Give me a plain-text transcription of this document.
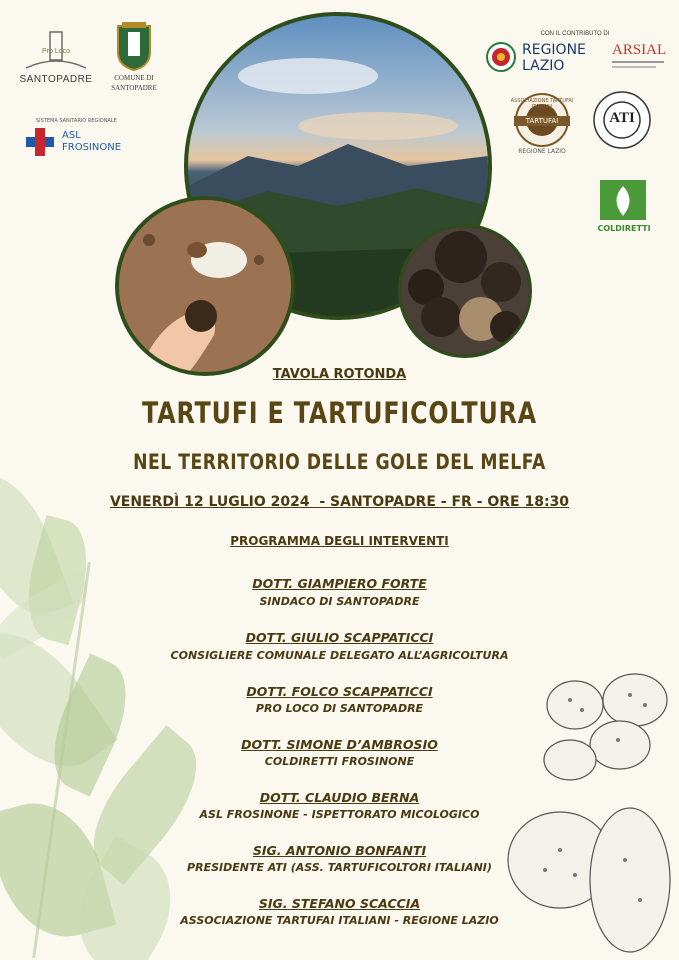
Pro Loco
SANTOPADRE	COMUNE DI
SANTOPADRE
SISTEMA SANITARIO REGIONALE
ASL
FROSINONE
CON IL CONTRIBUTO DI
REGIONE
LAZIO
ARSIAL
ASSOCIAZIONE TARTUFAI ITALIANI
TARTUFAI
REGIONE LAZIO
ATI
COLDIRETTI
TAVOLA ROTONDA
TARTUFI E TARTUFICOLTURA
NEL TERRITORIO DELLE GOLE DEL MELFA
VENERDÌ 12 LUGLIO 2024  - SANTOPADRE - FR - ORE 18:30
PROGRAMMA DEGLI INTERVENTI
DOTT. GIAMPIERO FORTE
SINDACO DI SANTOPADRE
DOTT. GIULIO SCAPPATICCI
CONSIGLIERE COMUNALE DELEGATO ALL’AGRICOLTURA
DOTT. FOLCO SCAPPATICCI
PRO LOCO DI SANTOPADRE
DOTT. SIMONE D’AMBROSIO
COLDIRETTI FROSINONE
DOTT. CLAUDIO BERNA
ASL FROSINONE - ISPETTORATO MICOLOGICO
SIG. ANTONIO BONFANTI
PRESIDENTE ATI (ASS. TARTUFICOLTORI ITALIANI)
SIG. STEFANO SCACCIA
ASSOCIAZIONE TARTUFAI ITALIANI - REGIONE LAZIO
